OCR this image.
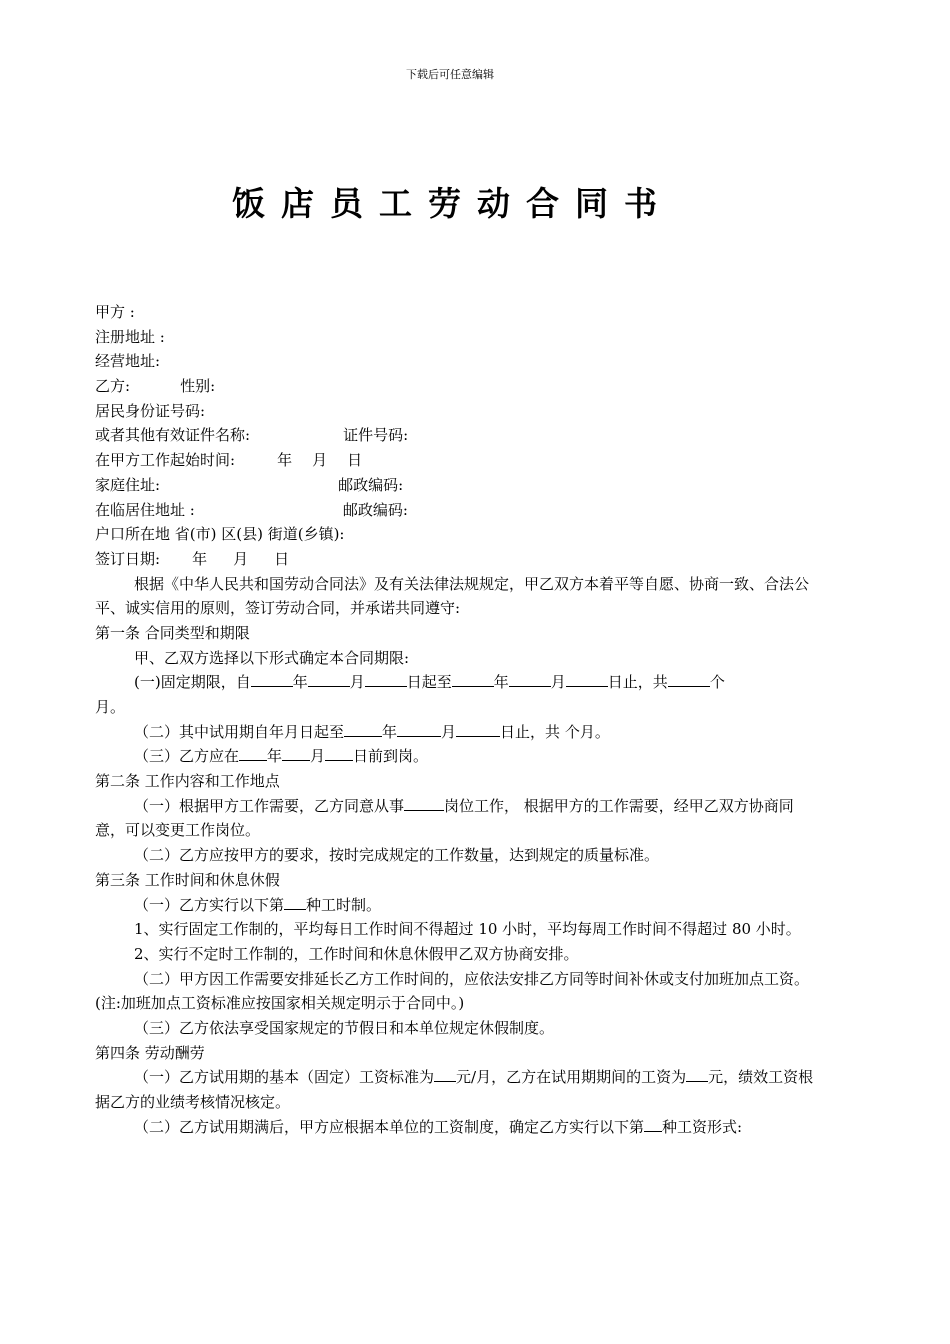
下载后可任意编辑
饭店员工劳动合同书
甲方 :
注册地址 :
经营地址:
乙方:	性别:
居民身份证号码:
或者其他有效证件名称:	证件号码:
在甲方工作起始时间:	年 月 日
家庭住址:	邮政编码:
在临居住地址 :	邮政编码:
户口所在地 省(市) 区(县) 街道(乡镇):
签订日期: 年 月 日
根据《中华人民共和国劳动合同法》及有关法律法规规定，甲乙双方本着平等自愿、协商一致、合法公平、诚实信用的原则，签订劳动合同，并承诺共同遵守:
第一条 合同类型和期限
甲、乙双方选择以下形式确定本合同期限:
(一)固定期限，自	年	月	日起至	年	月	日止，共	个
月。
（二）其中试用期自年月日起至	年	月	日止，共 个月。
（三）乙方应在 年 月 日前到岗。
第二条 工作内容和工作地点
（一）根据甲方工作需要，乙方同意从事	岗位工作， 根据甲方的工作需要，经甲乙双方协商同意，可以变更工作岗位。
（二）乙方应按甲方的要求，按时完成规定的工作数量，达到规定的质量标准。
第三条 工作时间和休息休假
（一）乙方实行以下第 种工时制。
1、实行固定工作制的，平均每日工作时间不得超过 10 小时，平均每周工作时间不得超过 80 小时。
2、实行不定时工作制的，工作时间和休息休假甲乙双方协商安排。
（二）甲方因工作需要安排延长乙方工作时间的，应依法安排乙方同等时间补休或支付加班加点工资。 (注:加班加点工资标准应按国家相关规定明示于合同中。)
（三）乙方依法享受国家规定的节假日和本单位规定休假制度。
第四条 劳动酬劳
（一）乙方试用期的基本（固定）工资标准为 元/月，乙方在试用期期间的工资为 元，绩效工资根据乙方的业绩考核情况核定。
（二）乙方试用期满后，甲方应根据本单位的工资制度，确定乙方实行以下第 种工资形式:
